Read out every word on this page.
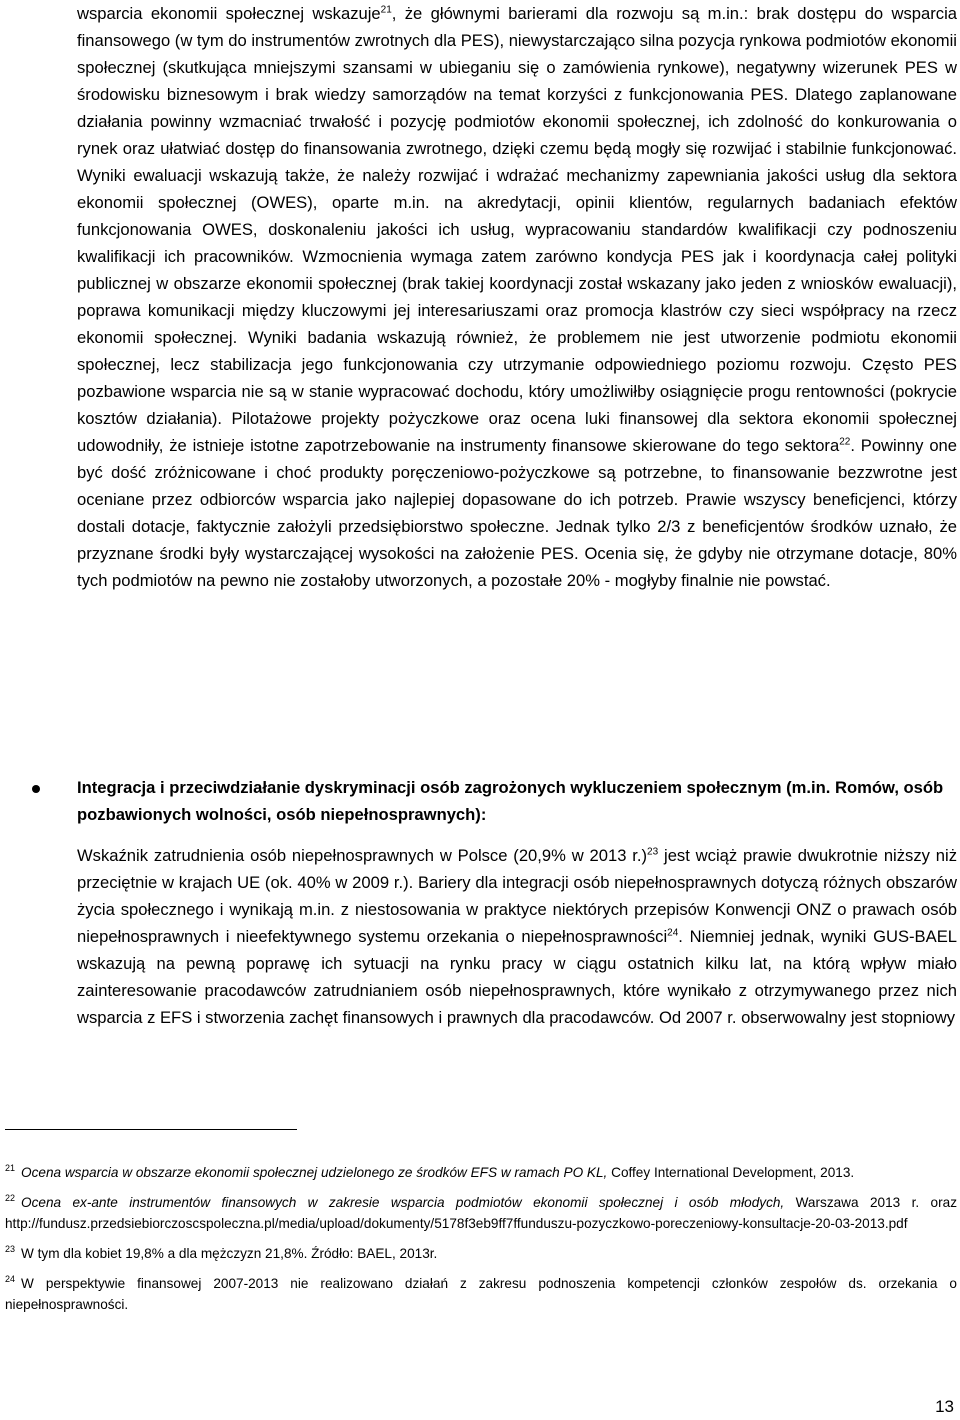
wsparcia ekonomii społecznej wskazuje$^{21}$, że głównymi barierami dla rozwoju są m.in.: brak dostępu do wsparcia finansowego (w tym do instrumentów zwrotnych dla PES), niewystarczająco silna pozycja rynkowa podmiotów ekonomii społecznej (skutkująca mniejszymi szansami w ubieganiu się o zamówienia rynkowe), negatywny wizerunek PES w środowisku biznesowym i brak wiedzy samorządów na temat korzyści z funkcjonowania PES. Dlatego zaplanowane działania powinny wzmacniać trwałość i pozycję podmiotów ekonomii społecznej, ich zdolność do konkurowania o rynek oraz ułatwiać dostęp do finansowania zwrotnego, dzięki czemu będą mogły się rozwijać i stabilnie funkcjonować. Wyniki ewaluacji wskazują także, że należy rozwijać i wdrażać mechanizmy zapewniania jakości usług dla sektora ekonomii społecznej (OWES), oparte m.in. na akredytacji, opinii klientów, regularnych badaniach efektów funkcjonowania OWES, doskonaleniu jakości ich usług, wypracowaniu standardów kwalifikacji czy podnoszeniu kwalifikacji ich pracowników. Wzmocnienia wymaga zatem zarówno kondycja PES jak i koordynacja całej polityki publicznej w obszarze ekonomii społecznej (brak takiej koordynacji został wskazany jako jeden z wniosków ewaluacji), poprawa komunikacji między kluczowymi jej interesariuszami oraz promocja klastrów czy sieci współpracy na rzecz ekonomii społecznej. Wyniki badania wskazują również, że problemem nie jest utworzenie podmiotu ekonomii społecznej, lecz stabilizacja jego funkcjonowania czy utrzymanie odpowiedniego poziomu rozwoju. Często PES pozbawione wsparcia nie są w stanie wypracować dochodu, który umożliwiłby osiągnięcie progu rentowności (pokrycie kosztów działania). Pilotażowe projekty pożyczkowe oraz ocena luki finansowej dla sektora ekonomii społecznej udowodniły, że istnieje istotne zapotrzebowanie na instrumenty finansowe skierowane do tego sektora$^{22}$. Powinny one być dość zróżnicowane i choć produkty poręczeniowo-pożyczkowe są potrzebne, to finansowanie bezzwrotne jest oceniane przez odbiorców wsparcia jako najlepiej dopasowane do ich potrzeb. Prawie wszyscy beneficjenci, którzy dostali dotacje, faktycznie założyli przedsiębiorstwo społeczne. Jednak tylko 2/3 z beneficjentów środków uznało, że przyznane środki były wystarczającej wysokości na założenie PES. Ocenia się, że gdyby nie otrzymane dotacje, 80% tych podmiotów na pewno nie zostałoby utworzonych, a pozostałe 20% - mogłyby finalnie nie powstać.

Integracja i przeciwdziałanie dyskryminacji osób zagrożonych wykluczeniem społecznym (m.in. Romów, osób pozbawionych wolności, osób niepełnosprawnych):

Wskaźnik zatrudnienia osób niepełnosprawnych w Polsce (20,9% w 2013 r.)$^{23}$ jest wciąż prawie dwukrotnie niższy niż przeciętnie w krajach UE (ok. 40% w 2009 r.). Bariery dla integracji osób niepełnosprawnych dotyczą różnych obszarów życia społecznego i wynikają m.in. z niestosowania w praktyce niektórych przepisów Konwencji ONZ o prawach osób niepełnosprawnych i nieefektywnego systemu orzekania o niepełnosprawności$^{24}$. Niemniej jednak, wyniki GUS-BAEL wskazują na pewną poprawę ich sytuacji na rynku pracy w ciągu ostatnich kilku lat, na którą wpływ miało zainteresowanie pracodawców zatrudnianiem osób niepełnosprawnych, które wynikało z otrzymywanego przez nich wsparcia z EFS i stworzenia zachęt finansowych i prawnych dla pracodawców. Od 2007 r. obserwowalny jest stopniowy

$^{21}$ Ocena wsparcia w obszarze ekonomii społecznej udzielonego ze środków EFS w ramach PO KL, Coffey International Development, 2013.

$^{22}$ Ocena ex-ante instrumentów finansowych w zakresie wsparcia podmiotów ekonomii społecznej i osób młodych, Warszawa 2013 r. oraz http://fundusz.przedsiebiorczoscspoleczna.pl/media/upload/dokumenty/5178f3eb9ff7ffunduszu-pozyczkowo-poreczeniowy-konsultacje-20-03-2013.pdf

$^{23}$ W tym dla kobiet 19,8% a dla mężczyzn 21,8%. Źródło: BAEL, 2013r.

$^{24}$ W perspektywie finansowej 2007-2013 nie realizowano działań z zakresu podnoszenia kompetencji członków zespołów ds. orzekania o niepełnosprawności.

13
